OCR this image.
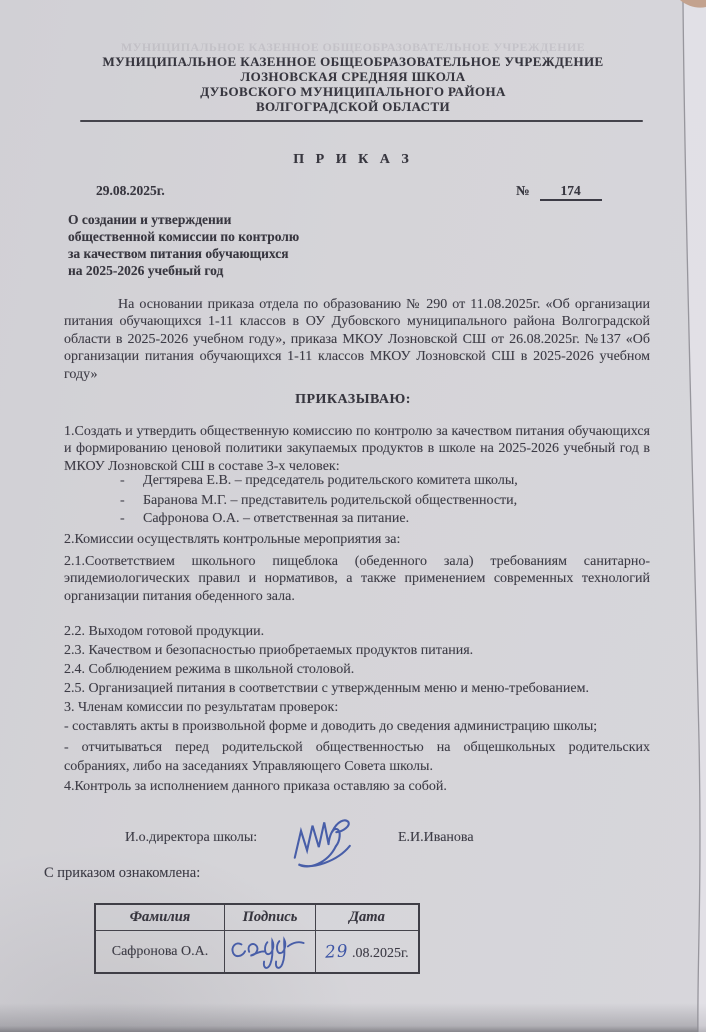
МУНИЦИПАЛЬНОЕ КАЗЕННОЕ ОБЩЕОБРАЗОВАТЕЛЬНОЕ УЧРЕЖДЕНИЕ
МУНИЦИПАЛЬНОЕ КАЗЕННОЕ ОБЩЕОБРАЗОВАТЕЛЬНОЕ УЧРЕЖДЕНИЕ
ЛОЗНОВСКАЯ СРЕДНЯЯ ШКОЛА
ДУБОВСКОГО МУНИЦИПАЛЬНОГО РАЙОНА
ВОЛГОГРАДСКОЙ ОБЛАСТИ
П Р И К А З
29.08.2025г.	№ 174
О создании и утверждении
общественной комиссии по контролю
за качеством питания обучающихся
на 2025-2026 учебный год

На основании приказа отдела по образованию № 290 от 11.08.2025г. «Об организации питания обучающихся 1-11 классов в ОУ Дубовского муниципального района Волгоградской области в 2025-2026 учебном году», приказа МКОУ Лозновской СШ от 26.08.2025г. №137 «Об организации питания обучающихся 1-11 классов МКОУ Лозновской СШ в 2025-2026 учебном году»

ПРИКАЗЫВАЮ:

1.Создать и утвердить общественную комиссию по контролю за качеством питания обучающихся и формированию ценовой политики закупаемых продуктов в школе на 2025-2026 учебный год в МКОУ Лозновской СШ в составе 3-х человек:

- Дегтярева Е.В. – председатель родительского комитета школы,
- Баранова М.Г. – представитель родительской общественности,
- Сафронова О.А. – ответственная за питание.
2.Комиссии осуществлять контрольные мероприятия за:

2.1.Соответствием школьного пищеблока (обеденного зала) требованиям санитарно-эпидемиологических правил и нормативов, а также применением современных технологий организации питания обеденного зала.

2.2. Выходом готовой продукции.
2.3. Качеством и безопасностью приобретаемых продуктов питания.
2.4. Соблюдением режима в школьной столовой.
2.5. Организацией питания в соответствии с утвержденным меню и меню-требованием.
3. Членам комиссии по результатам проверок:
- составлять акты в произвольной форме и доводить до сведения администрацию школы;

- отчитываться перед родительской общественностью на общешкольных родительских собраниях, либо на заседаниях Управляющего Совета школы.

4.Контроль за исполнением данного приказа оставляю за собой.
И.о.директора школы:	Е.И.Иванова
С приказом ознакомлена:
Фамилия	Подпись	Дата
Сафронова О.А.		29 .08.2025г.
